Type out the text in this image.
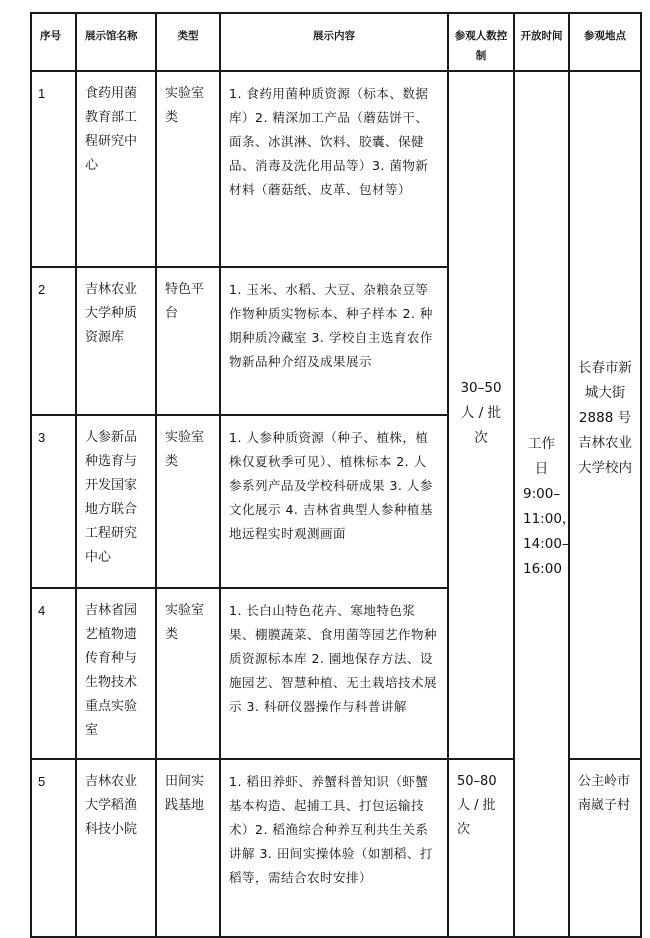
序号	展示馆名称	类型	展示内容	参观人数控制	开放时间	参观地点
1	食药用菌教育部工程研究中心	实验室类	1. 食药用菌种质资源（标本、数据库）2. 精深加工产品（蘑菇饼干、面条、冰淇淋、饮料、胶囊、保健品、消毒及洗化用品等）3. 菌物新材料（蘑菇纸、皮革、包材等）	30–50 人 / 批次	工作日 9:00–11:00，14:00–16:00	长春市新城大街 2888 号吉林农业大学校内
2	吉林农业大学种质资源库	特色平台	1. 玉米、水稻、大豆、杂粮杂豆等作物种质实物标本、种子样本 2. 种期种质冷藏室 3. 学校自主选育农作物新品种介绍及成果展示			
3	人参新品种选育与开发国家地方联合工程研究中心	实验室类	1. 人参种质资源（种子、植株，植株仅夏秋季可见）、植株标本 2. 人参系列产品及学校科研成果 3. 人参文化展示 4. 吉林省典型人参种植基地远程实时观测画面			
4	吉林省园艺植物遗传育种与生物技术重点实验室	实验室类	1. 长白山特色花卉、寒地特色浆果、棚膜蔬菜、食用菌等园艺作物种质资源标本库 2. 園地保存方法、设施园艺、智慧种植、无土栽培技术展示 3. 科研仪器操作与科普讲解			
5	吉林农业大学稻渔科技小院	田间实践基地	1. 稻田养虾、养蟹科普知识（虾蟹基本构造、起捕工具、打包运输技术）2. 稻渔综合种养互利共生关系讲解 3. 田间实操体验（如割稻、打稻等，需结合农时安排）	50–80 人 / 批次		公主岭市南崴子村
